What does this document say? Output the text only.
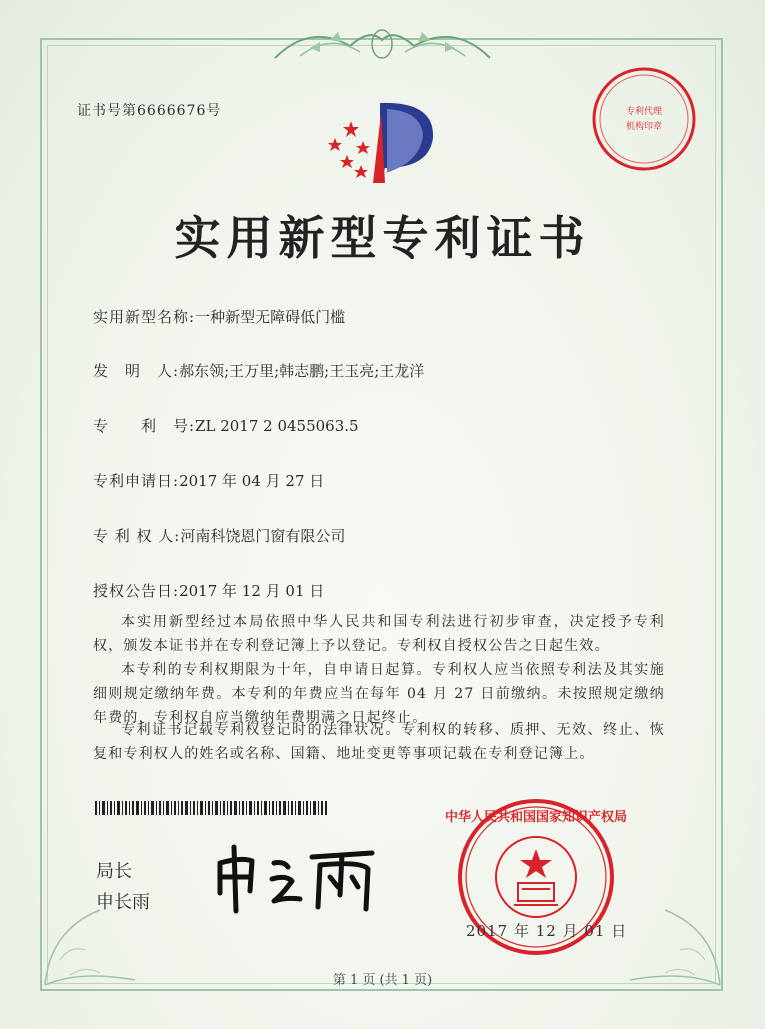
证书号第6666676号	专利代理
机构印章
实用新型专利证书
实用新型名称:一种新型无障碍低门槛
发　明　人:郝东领;王万里;韩志鹏;王玉亮;王龙洋
专　　利　号:ZL 2017 2 0455063.5
专利申请日:2017 年 04 月 27 日
专 利 权 人:河南科饶恩门窗有限公司
授权公告日:2017 年 12 月 01 日
本实用新型经过本局依照中华人民共和国专利法进行初步审查，决定授予专利权，颁发本证书并在专利登记簿上予以登记。专利权自授权公告之日起生效。
本专利的专利权期限为十年，自申请日起算。专利权人应当依照专利法及其实施细则规定缴纳年费。本专利的年费应当在每年 04 月 27 日前缴纳。未按照规定缴纳年费的，专利权自应当缴纳年费期满之日起终止。
专利证书记载专利权登记时的法律状况。专利权的转移、质押、无效、终止、恢复和专利权人的姓名或名称、国籍、地址变更等事项记载在专利登记簿上。
局长
申长雨
中华人民共和国国家知识产权局
2017 年 12 月 01 日
第 1 页 (共 1 页)
